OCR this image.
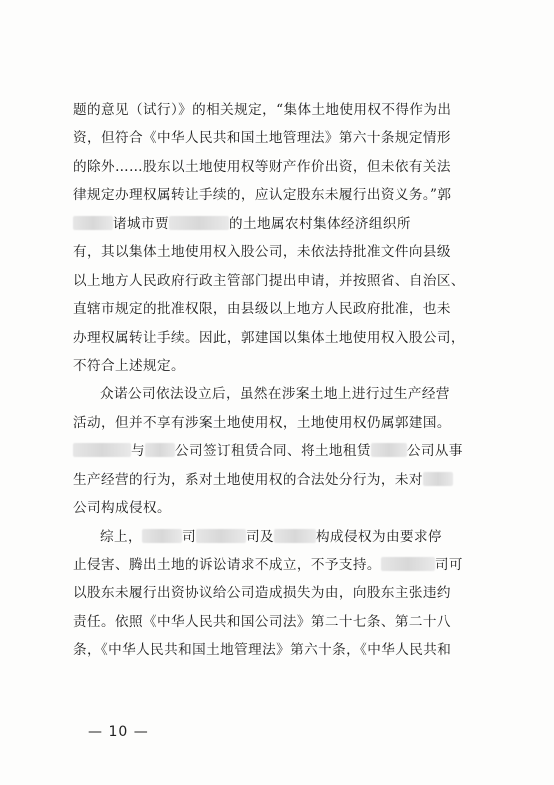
题的意见（试行）》的相关规定，“集体土地使用权不得作为出
资，但符合《中华人民共和国土地管理法》第六十条规定情形
的除外……股东以土地使用权等财产作价出资，但未依有关法
律规定办理权属转让手续的，应认定股东未履行出资义务。”郭
诸城市贾	的土地属农村集体经济组织所
有，其以集体土地使用权入股公司，未依法持批准文件向县级
以上地方人民政府行政主管部门提出申请，并按照省、自治区、
直辖市规定的批准权限，由县级以上地方人民政府批准，也未
办理权属转让手续。因此，郭建国以集体土地使用权入股公司，
不符合上述规定。
众诺公司依法设立后，虽然在涉案土地上进行过生产经营
活动，但并不享有涉案土地使用权，土地使用权仍属郭建国。
与 公司签订租赁合同、将土地租赁	公司从事
生产经营的行为，系对土地使用权的合法处分行为，未对
公司构成侵权。
综上，	司	司及	构成侵权为由要求停
止侵害、腾出土地的诉讼请求不成立，不予支持。	司可
以股东未履行出资协议给公司造成损失为由，向股东主张违约
责任。依照《中华人民共和国公司法》第二十七条、第二十八
条，《中华人民共和国土地管理法》第六十条，《中华人民共和
— 10 —
